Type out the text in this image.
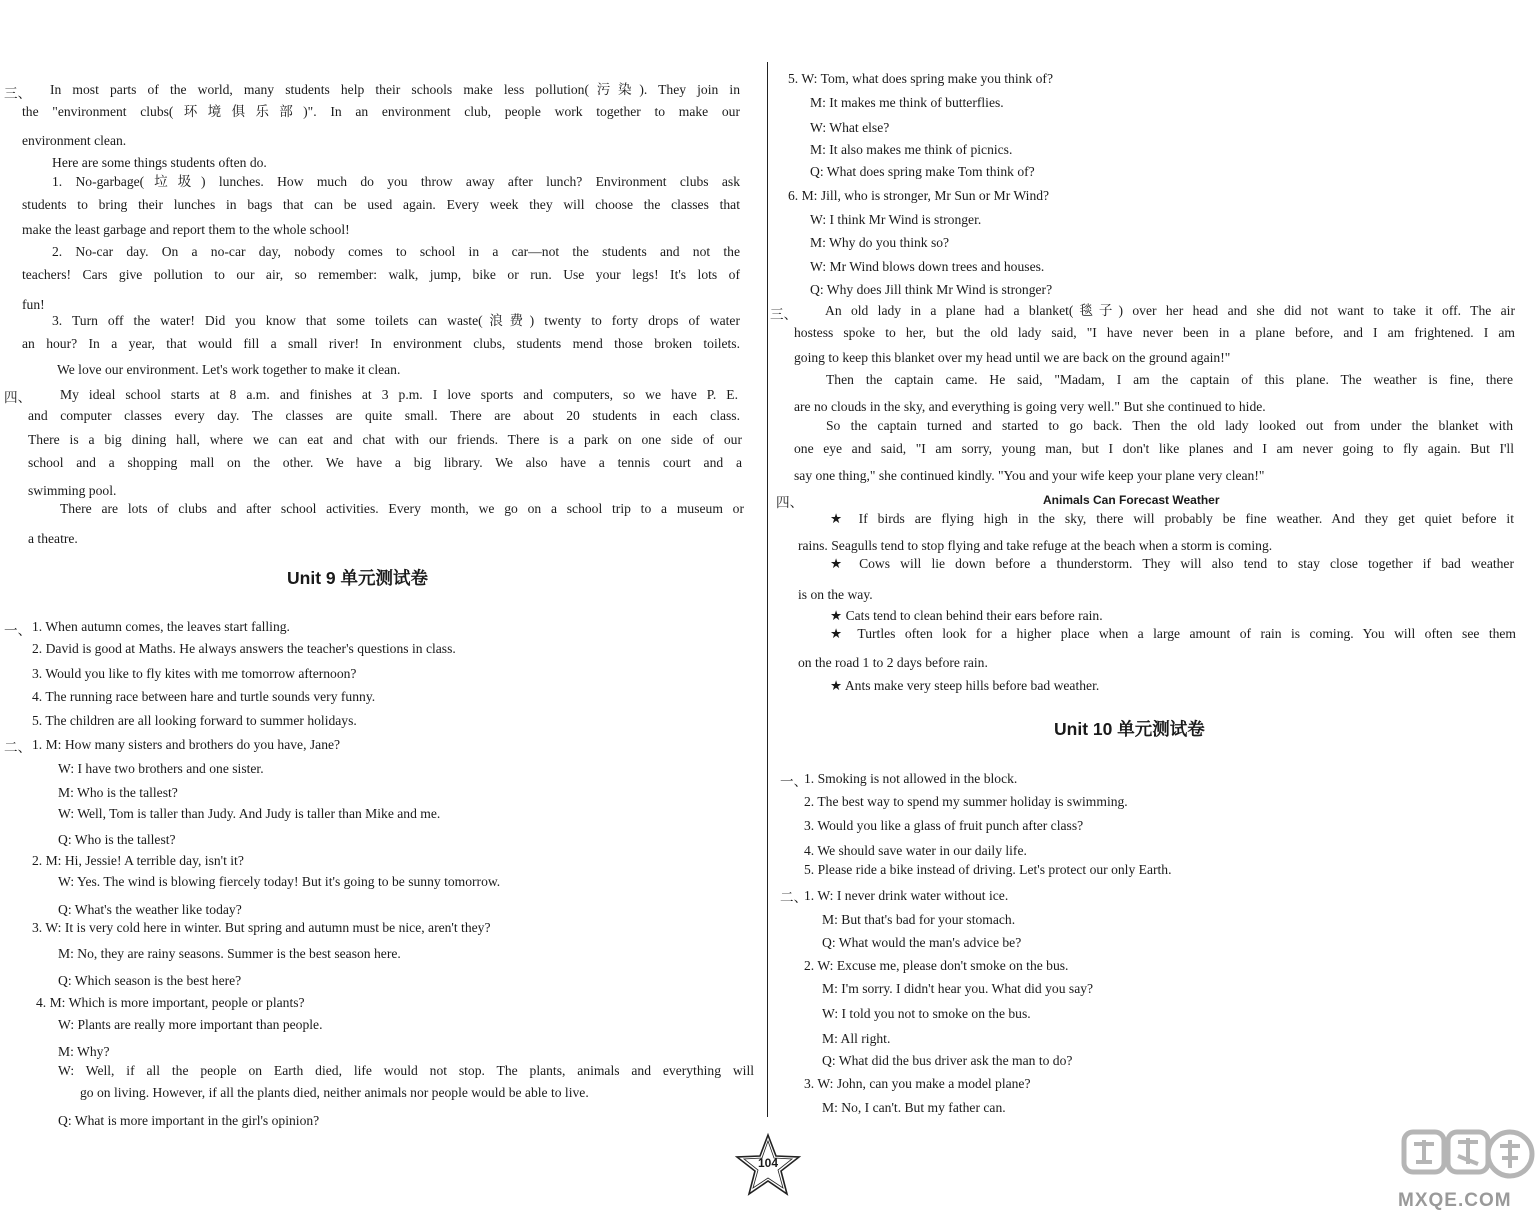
三、 In most parts of the world, many students help their schools make less pollution(污染). They join in
the "environment clubs(环境俱乐部)". In an environment club, people work together to make our
environment clean.
Here are some things students often do.
1. No-garbage(垃圾) lunches. How much do you throw away after lunch? Environment clubs ask
students to bring their lunches in bags that can be used again. Every week they will choose the classes that
make the least garbage and report them to the whole school!
2. No-car day. On a no-car day, nobody comes to school in a car—not the students and not the
teachers! Cars give pollution to our air, so remember: walk, jump, bike or run. Use your legs! It's lots of
fun!
3. Turn off the water! Did you know that some toilets can waste(浪费) twenty to forty drops of water
an hour? In a year, that would fill a small river! In environment clubs, students mend those broken toilets.
We love our environment. Let's work together to make it clean.
四、 My ideal school starts at 8 a.m. and finishes at 3 p.m. I love sports and computers, so we have P. E.
and computer classes every day. The classes are quite small. There are about 20 students in each class.
There is a big dining hall, where we can eat and chat with our friends. There is a park on one side of our
school and a shopping mall on the other. We have a big library. We also have a tennis court and a
swimming pool.
There are lots of clubs and after school activities. Every month, we go on a school trip to a museum or
a theatre.
Unit 9 单元测试卷
一、 1. When autumn comes, the leaves start falling.
2. David is good at Maths. He always answers the teacher's questions in class.
3. Would you like to fly kites with me tomorrow afternoon?
4. The running race between hare and turtle sounds very funny.
5. The children are all looking forward to summer holidays.
二、 1. M: How many sisters and brothers do you have, Jane?
W: I have two brothers and one sister.
M: Who is the tallest?
W: Well, Tom is taller than Judy. And Judy is taller than Mike and me.
Q: Who is the tallest?
2. M: Hi, Jessie! A terrible day, isn't it?
W: Yes. The wind is blowing fiercely today! But it's going to be sunny tomorrow.
Q: What's the weather like today?
3. W: It is very cold here in winter. But spring and autumn must be nice, aren't they?
M: No, they are rainy seasons. Summer is the best season here.
Q: Which season is the best here?
4. M: Which is more important, people or plants?
W: Plants are really more important than people.
M: Why?
W: Well, if all the people on Earth died, life would not stop. The plants, animals and everything will
go on living. However, if all the plants died, neither animals nor people would be able to live.
Q: What is more important in the girl's opinion?
5. W: Tom, what does spring make you think of?
M: It makes me think of butterflies.
W: What else?
M: It also makes me think of picnics.
Q: What does spring make Tom think of?
6. M: Jill, who is stronger, Mr Sun or Mr Wind?
W: I think Mr Wind is stronger.
M: Why do you think so?
W: Mr Wind blows down trees and houses.
Q: Why does Jill think Mr Wind is stronger?
三、 An old lady in a plane had a blanket(毯子) over her head and she did not want to take it off. The air
hostess spoke to her, but the old lady said, "I have never been in a plane before, and I am frightened. I am
going to keep this blanket over my head until we are back on the ground again!"
Then the captain came. He said, "Madam, I am the captain of this plane. The weather is fine, there
are no clouds in the sky, and everything is going very well." But she continued to hide.
So the captain turned and started to go back. Then the old lady looked out from under the blanket with
one eye and said, "I am sorry, young man, but I don't like planes and I am never going to fly again. But I'll
say one thing," she continued kindly. "You and your wife keep your plane very clean!"
四、	Animals Can Forecast Weather
★ If birds are flying high in the sky, there will probably be fine weather. And they get quiet before it
rains. Seagulls tend to stop flying and take refuge at the beach when a storm is coming.
★ Cows will lie down before a thunderstorm. They will also tend to stay close together if bad weather
is on the way.
★ Cats tend to clean behind their ears before rain.
★ Turtles often look for a higher place when a large amount of rain is coming. You will often see them
on the road 1 to 2 days before rain.
★ Ants make very steep hills before bad weather.
Unit 10 单元测试卷
一、
1. Smoking is not allowed in the block.
2. The best way to spend my summer holiday is swimming.
3. Would you like a glass of fruit punch after class?
4. We should save water in our daily life.
5. Please ride a bike instead of driving. Let's protect our only Earth.
二、
1. W: I never drink water without ice.
M: But that's bad for your stomach.
Q: What would the man's advice be?
2. W: Excuse me, please don't smoke on the bus.
M: I'm sorry. I didn't hear you. What did you say?
W: I told you not to smoke on the bus.
M: All right.
Q: What did the bus driver ask the man to do?
3. W: John, can you make a model plane?
M: No, I can't. But my father can.
104
MXQE.COM
